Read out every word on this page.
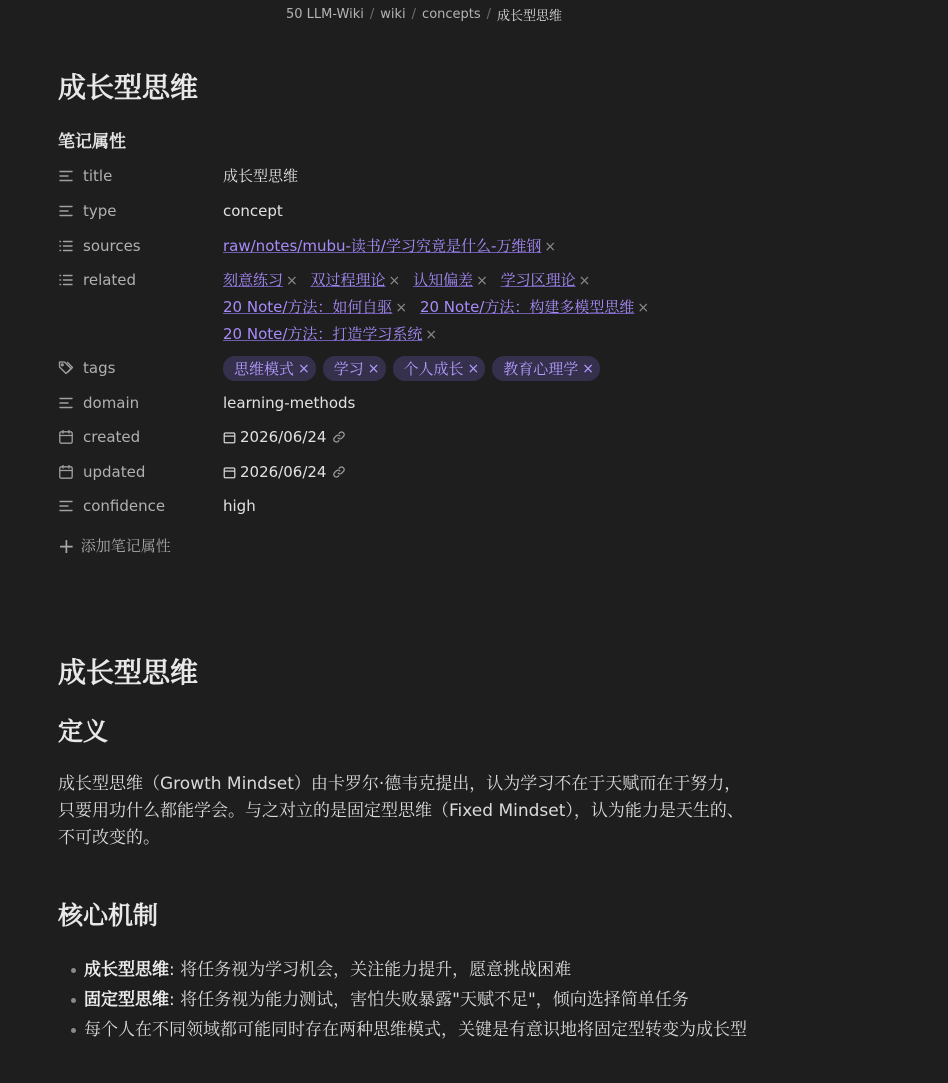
50 LLM-Wiki / wiki / concepts / 成长型思维
成长型思维
笔记属性
title	成长型思维
type	concept
sources	raw/notes/mubu-读书/学习究竟是什么-万维钢 ×
related	刻意练习 × 双过程理论 × 认知偏差 × 学习区理论 ×
20 Note/方法：如何自驱 × 20 Note/方法：构建多模型思维 ×
20 Note/方法：打造学习系统 ×
tags	思维模式 × 学习 × 个人成长 × 教育心理学 ×
domain	learning-methods
created	2026/06/24
updated	2026/06/24
confidence	high
+ 添加笔记属性
成长型思维
定义

成长型思维（Growth Mindset）由卡罗尔·德韦克提出，认为学习不在于天赋而在于努力，只要用功什么都能学会。与之对立的是固定型思维（Fixed Mindset），认为能力是天生的、不可改变的。

核心机制
成长型思维: 将任务视为学习机会，关注能力提升，愿意挑战困难
固定型思维: 将任务视为能力测试，害怕失败暴露"天赋不足"，倾向选择简单任务
每个人在不同领域都可能同时存在两种思维模式，关键是有意识地将固定型转变为成长型
